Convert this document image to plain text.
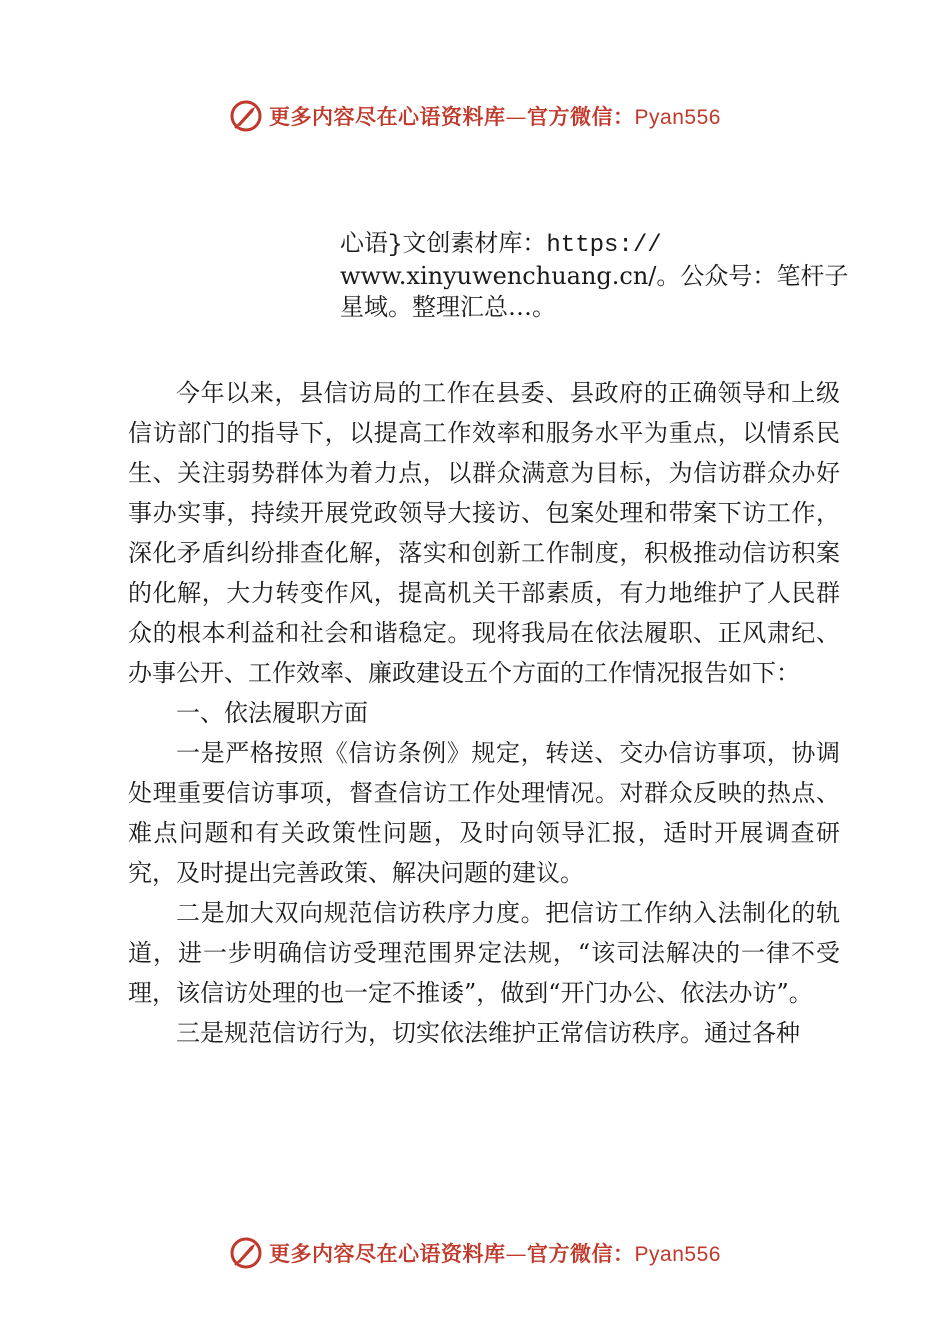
更多内容尽在心语资料库—官方微信：Pyan556
心语}文创素材库：https://
www.xinyuwenchuang.cn/。公众号：笔杆子星域。整理汇总…。

今年以来，县信访局的工作在县委、县政府的正确领导和上级信访部门的指导下，以提高工作效率和服务水平为重点，以情系民生、关注弱势群体为着力点，以群众满意为目标，为信访群众办好事办实事，持续开展党政领导大接访、包案处理和带案下访工作，深化矛盾纠纷排查化解，落实和创新工作制度，积极推动信访积案的化解，大力转变作风，提高机关干部素质，有力地维护了人民群众的根本利益和社会和谐稳定。现将我局在依法履职、正风肃纪、办事公开、工作效率、廉政建设五个方面的工作情况报告如下：

一、依法履职方面

一是严格按照《信访条例》规定，转送、交办信访事项，协调处理重要信访事项，督查信访工作处理情况。对群众反映的热点、难点问题和有关政策性问题，及时向领导汇报，适时开展调查研究，及时提出完善政策、解决问题的建议。

二是加大双向规范信访秩序力度。把信访工作纳入法制化的轨道，进一步明确信访受理范围界定法规，“该司法解决的一律不受理，该信访处理的也一定不推诿”，做到“开门办公、依法办访”。

三是规范信访行为，切实依法维护正常信访秩序。通过各种

更多内容尽在心语资料库—官方微信：Pyan556
